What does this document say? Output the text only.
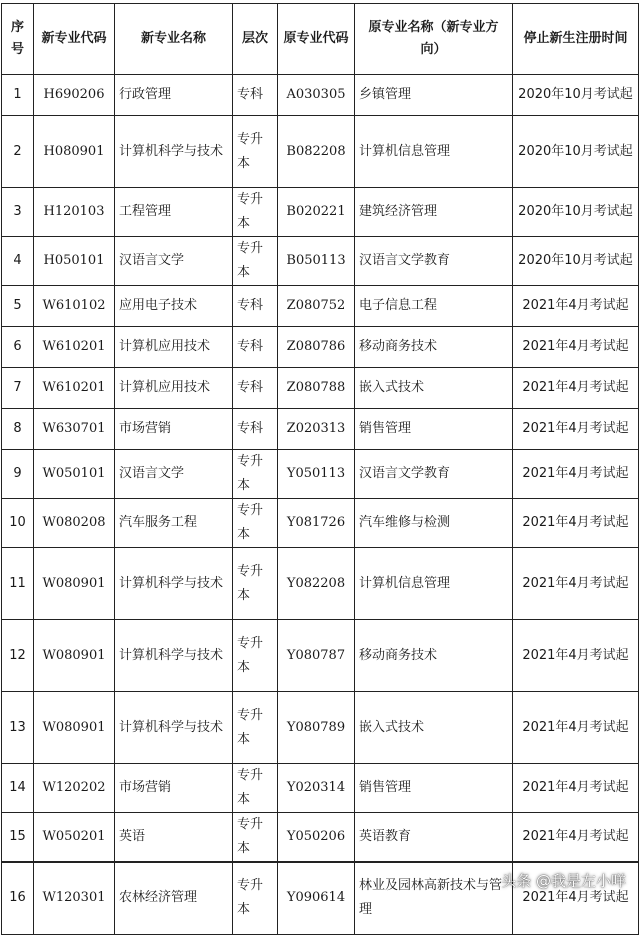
序号	新专业代码	新专业名称	层次	原专业代码	原专业名称（新专业方向）	停止新生注册时间
1	H690206	行政管理	专科	A030305	乡镇管理	2020年10月考试起
2	H080901	计算机科学与技术	专升本	B082208	计算机信息管理	2020年10月考试起
3	H120103	工程管理	专升本	B020221	建筑经济管理	2020年10月考试起
4	H050101	汉语言文学	专升本	B050113	汉语言文学教育	2020年10月考试起
5	W610102	应用电子技术	专科	Z080752	电子信息工程	2021年4月考试起
6	W610201	计算机应用技术	专科	Z080786	移动商务技术	2021年4月考试起
7	W610201	计算机应用技术	专科	Z080788	嵌入式技术	2021年4月考试起
8	W630701	市场营销	专科	Z020313	销售管理	2021年4月考试起
9	W050101	汉语言文学	专升本	Y050113	汉语言文学教育	2021年4月考试起
10	W080208	汽车服务工程	专升本	Y081726	汽车维修与检测	2021年4月考试起
11	W080901	计算机科学与技术	专升本	Y082208	计算机信息管理	2021年4月考试起
12	W080901	计算机科学与技术	专升本	Y080787	移动商务技术	2021年4月考试起
13	W080901	计算机科学与技术	专升本	Y080789	嵌入式技术	2021年4月考试起
14	W120202	市场营销	专升本	Y020314	销售管理	2021年4月考试起
15	W050201	英语	专升本	Y050206	英语教育	2021年4月考试起
16	W120301	农林经济管理	专升本	Y090614	林业及园林高新技术与管理	2021年4月考试起
头条 @我是左小咩
